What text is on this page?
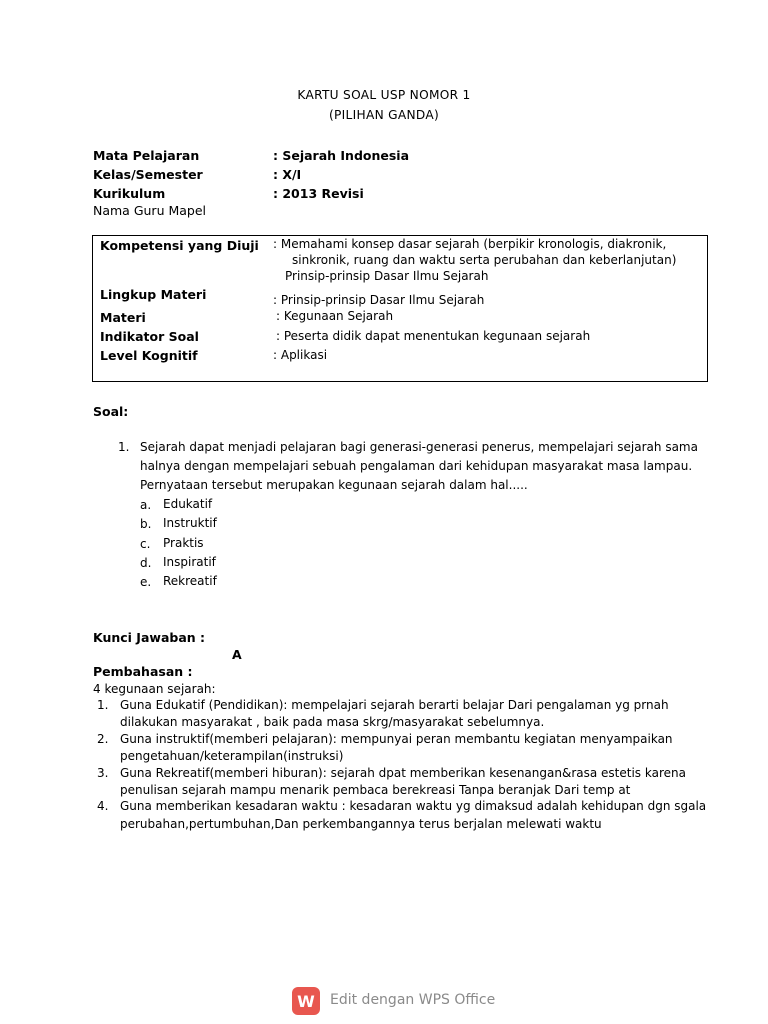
KARTU SOAL USP NOMOR 1
(PILIHAN GANDA)
Mata Pelajaran	: Sejarah Indonesia
Kelas/Semester	: X/I
Kurikulum	: 2013 Revisi
Nama Guru Mapel
Kompetensi yang Diuji : Memahami konsep dasar sejarah (berpikir kronologis, diakronik,
sinkronik, ruang dan waktu serta perubahan dan keberlanjutan)
Prinsip-prinsip Dasar Ilmu Sejarah
Lingkup Materi	: Prinsip-prinsip Dasar Ilmu Sejarah
Materi	: Kegunaan Sejarah
Indikator Soal	: Peserta didik dapat menentukan kegunaan sejarah
Level Kognitif	: Aplikasi
Soal:
1. Sejarah dapat menjadi pelajaran bagi generasi-generasi penerus, mempelajari sejarah sama
halnya dengan mempelajari sebuah pengalaman dari kehidupan masyarakat masa lampau.
Pernyataan tersebut merupakan kegunaan sejarah dalam hal.....
a. Edukatif
b. Instruktif
c. Praktis
d. Inspiratif
e. Rekreatif
Kunci Jawaban :
A
Pembahasan :
4 kegunaan sejarah:
1. Guna Edukatif (Pendidikan): mempelajari sejarah berarti belajar Dari pengalaman yg prnah
dilakukan masyarakat , baik pada masa skrg/masyarakat sebelumnya.
2. Guna instruktif(memberi pelajaran): mempunyai peran membantu kegiatan menyampaikan
pengetahuan/keterampilan(instruksi)
3. Guna Rekreatif(memberi hiburan): sejarah dpat memberikan kesenangan&rasa estetis karena
penulisan sejarah mampu menarik pembaca berekreasi Tanpa beranjak Dari temp at
4. Guna memberikan kesadaran waktu : kesadaran waktu yg dimaksud adalah kehidupan dgn sgala
perubahan,pertumbuhan,Dan perkembangannya terus berjalan melewati waktu
W Edit dengan WPS Office
